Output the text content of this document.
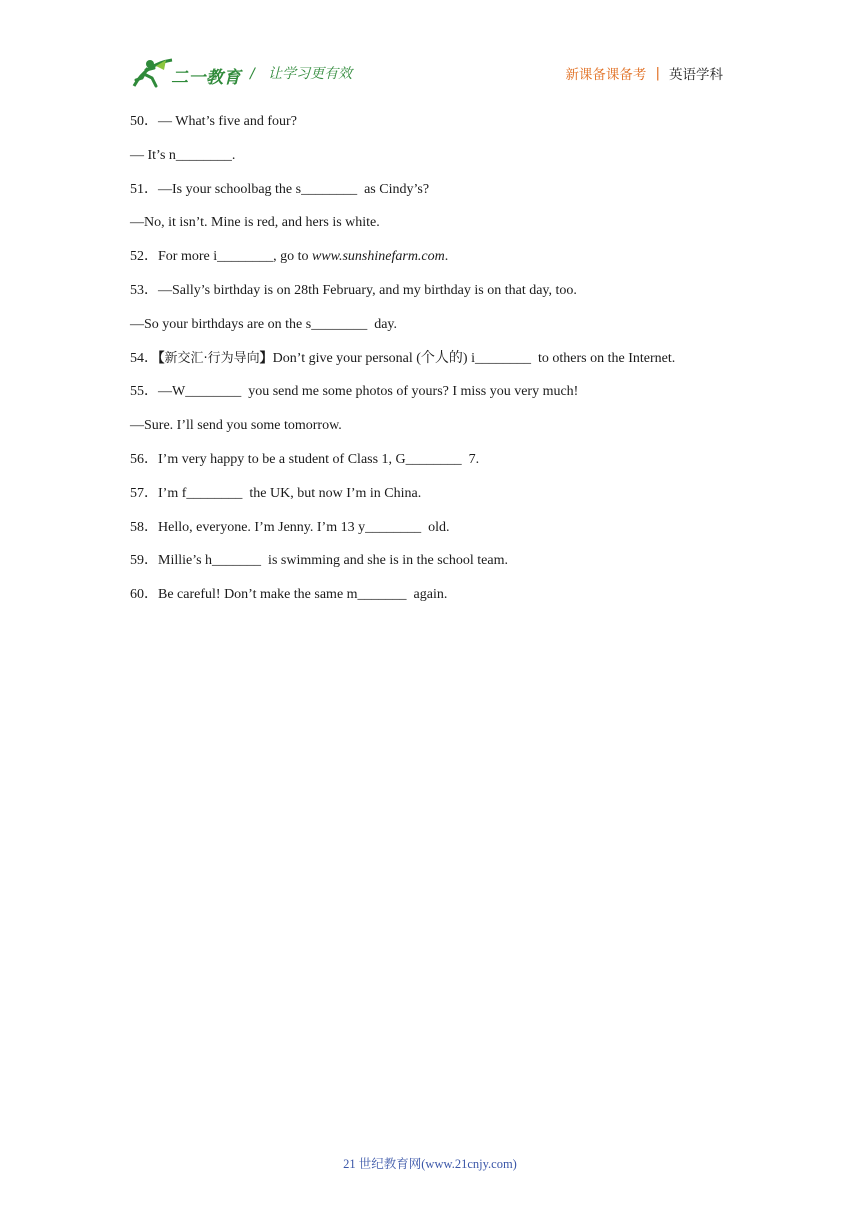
二一教育 /   让学习更有效	新课备课备考 | 英语学科
50．— What’s five and four?
— It’s n________.
51．—Is your schoolbag the s________  as Cindy’s?
—No, it isn’t. Mine is red, and hers is white.
52．For more i________, go to www.sunshinefarm.com.
53．—Sally’s birthday is on 28th February, and my birthday is on that day, too.
—So your birthdays are on the s________  day.
54．【新交汇·行为导向】Don’t give your personal (个人的) i________  to others on the Internet.
55．—W________  you send me some photos of yours? I miss you very much!
—Sure. I’ll send you some tomorrow.
56．I’m very happy to be a student of Class 1, G________  7.
57．I’m f________  the UK, but now I’m in China.
58．Hello, everyone. I’m Jenny. I’m 13 y________  old.
59．Millie’s h_______  is swimming and she is in the school team.
60．Be careful! Don’t make the same m_______  again.
21 世纪教育网(www.21cnjy.com)
